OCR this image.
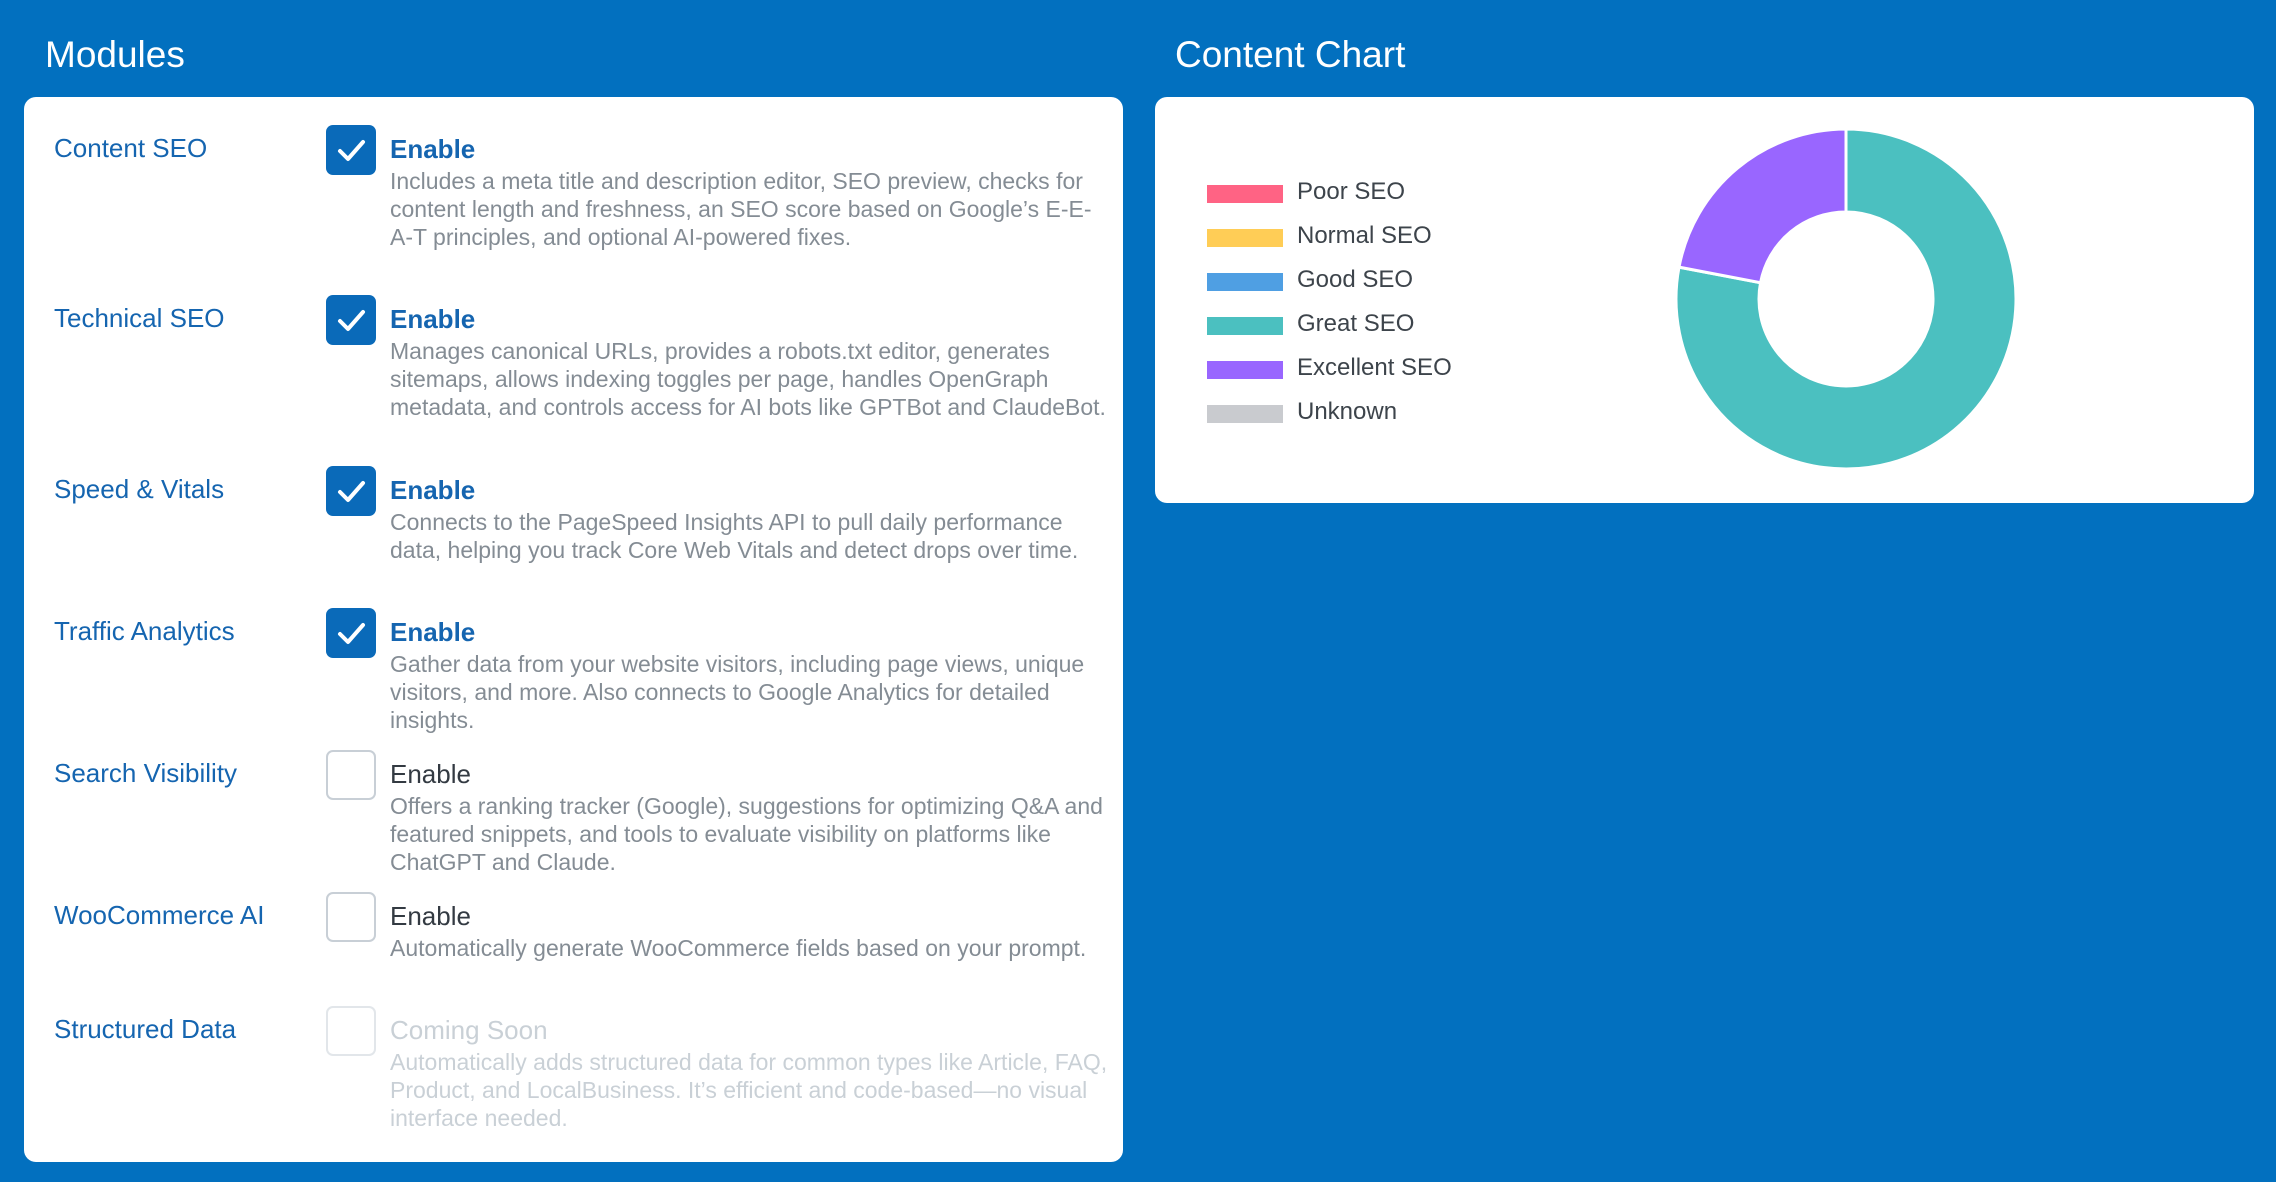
Modules	Content Chart
Content SEO	Enable

Includes a meta title and description editor, SEO preview, checks for content length and freshness, an SEO score based on Google’s E-E-A-T principles, and optional AI-powered fixes.

Technical SEO	Enable

Manages canonical URLs, provides a robots.txt editor, generates sitemaps, allows indexing toggles per page, handles OpenGraph metadata, and controls access for AI bots like GPTBot and ClaudeBot.

Speed & Vitals	Enable

Connects to the PageSpeed Insights API to pull daily performance data, helping you track Core Web Vitals and detect drops over time.

Traffic Analytics	Enable

Gather data from your website visitors, including page views, unique visitors, and more. Also connects to Google Analytics for detailed insights.

Search Visibility	Enable

Offers a ranking tracker (Google), suggestions for optimizing Q&A and featured snippets, and tools to evaluate visibility on platforms like ChatGPT and Claude.

WooCommerce AI	Enable

Automatically generate WooCommerce fields based on your prompt.

Structured Data	Coming Soon

Automatically adds structured data for common types like Article, FAQ, Product, and LocalBusiness. It’s efficient and code-based—no visual interface needed.

Poor SEO
Normal SEO
Good SEO
Great SEO
Excellent SEO
Unknown
